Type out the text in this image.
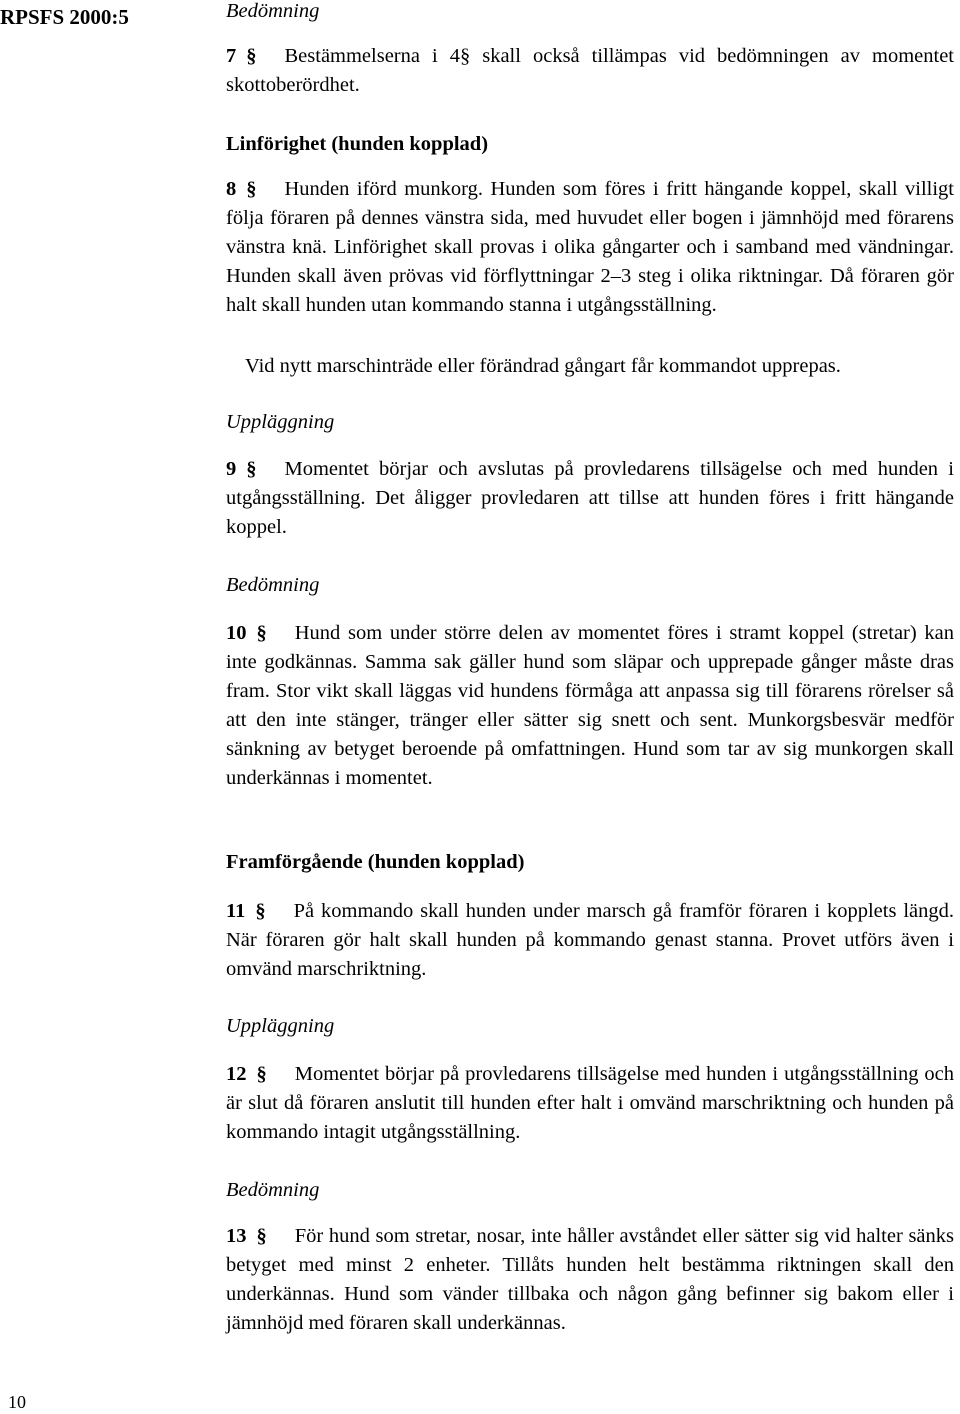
RPSFS 2000:5	Bedömning
7 § Bestämmelserna i 4§ skall också tillämpas vid bedömningen av momentet skottoberördhet.
Linförighet (hunden kopplad)
8 § Hunden iförd munkorg. Hunden som föres i fritt hängande koppel, skall villigt följa föraren på dennes vänstra sida, med huvudet eller bogen i jämnhöjd med förarens vänstra knä. Linförighet skall provas i olika gångarter och i samband med vändningar. Hunden skall även prövas vid förflyttningar 2–3 steg i olika riktningar. Då föraren gör halt skall hunden utan kommando stanna i utgångsställning.
Vid nytt marschinträde eller förändrad gångart får kommandot upprepas.
Uppläggning
9 § Momentet börjar och avslutas på provledarens tillsägelse och med hunden i utgångsställning. Det åligger provledaren att tillse att hunden föres i fritt hängande koppel.
Bedömning
10 § Hund som under större delen av momentet föres i stramt koppel (stretar) kan inte godkännas. Samma sak gäller hund som släpar och upprepade gånger måste dras fram. Stor vikt skall läggas vid hundens förmåga att anpassa sig till förarens rörelser så att den inte stänger, tränger eller sätter sig snett och sent. Munkorgsbesvär medför sänkning av betyget beroende på omfattningen. Hund som tar av sig munkorgen skall underkännas i momentet.
Framförgående (hunden kopplad)
11 § På kommando skall hunden under marsch gå framför föraren i kopplets längd. När föraren gör halt skall hunden på kommando genast stanna. Provet utförs även i omvänd marschriktning.
Uppläggning
12 § Momentet börjar på provledarens tillsägelse med hunden i utgångsställning och är slut då föraren anslutit till hunden efter halt i omvänd marschriktning och hunden på kommando intagit utgångsställning.
Bedömning
13 § För hund som stretar, nosar, inte håller avståndet eller sätter sig vid halter sänks betyget med minst 2 enheter. Tillåts hunden helt bestämma riktningen skall den underkännas. Hund som vänder tillbaka och någon gång befinner sig bakom eller i jämnhöjd med föraren skall underkännas.
10
